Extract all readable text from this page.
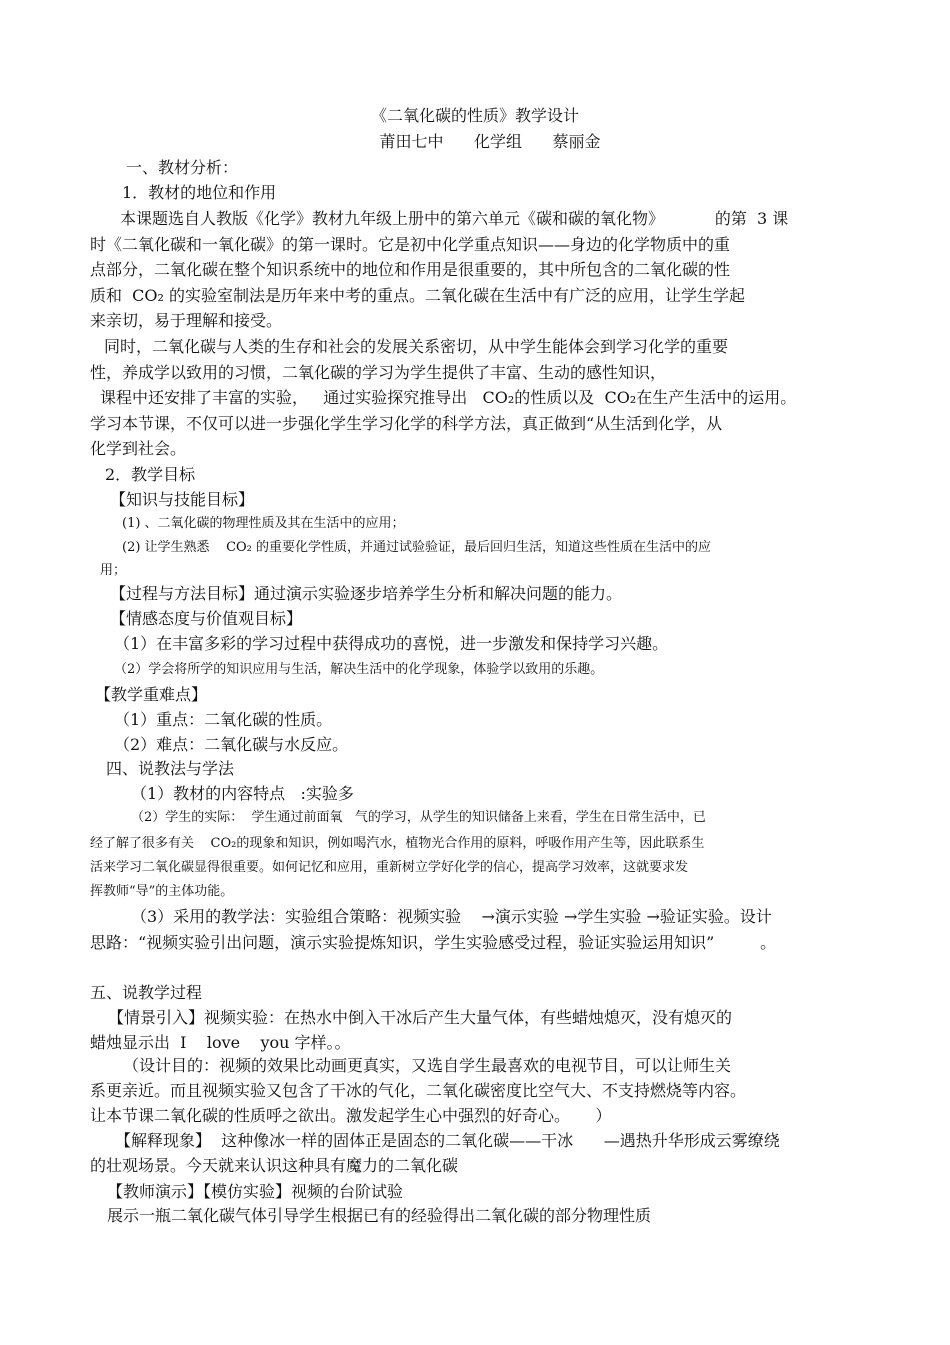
《二氧化碳的性质》教学设计
莆田七中      化学组      蔡丽金
一、教材分析：
1．教材的地位和作用
本课题选自人教版《化学》教材九年级上册中的第六单元《碳和碳的氧化物》          的第  3 课
时《二氧化碳和一氧化碳》的第一课时。它是初中化学重点知识——身边的化学物质中的重
点部分，二氧化碳在整个知识系统中的地位和作用是很重要的，其中所包含的二氧化碳的性
质和  CO₂ 的实验室制法是历年来中考的重点。二氧化碳在生活中有广泛的应用，让学生学起
来亲切，易于理解和接受。
同时，二氧化碳与人类的生存和社会的发展关系密切，从中学生能体会到学习化学的重要
性，养成学以致用的习惯，二氧化碳的学习为学生提供了丰富、生动的感性知识，
课程中还安排了丰富的实验，   通过实验探究推导出   CO₂的性质以及  CO₂在生产生活中的运用。
学习本节课，不仅可以进一步强化学生学习化学的科学方法，真正做到“从生活到化学，从
化学到社会。
2．教学目标
【知识与技能目标】
(1) 、二氧化碳的物理性质及其在生活中的应用；
(2) 让学生熟悉    CO₂ 的重要化学性质，并通过试验验证，最后回归生活，知道这些性质在生活中的应
用；
【过程与方法目标】通过演示实验逐步培养学生分析和解决问题的能力。
【情感态度与价值观目标】
（1）在丰富多彩的学习过程中获得成功的喜悦，进一步激发和保持学习兴趣。
（2）学会将所学的知识应用与生活，解决生活中的化学现象，体验学以致用的乐趣。
【教学重难点】
（1）重点：二氧化碳的性质。
（2）难点：二氧化碳与水反应。
四、说教法与学法
（1）教材的内容特点   :实验多
（2）学生的实际：  学生通过前面氧   气的学习，从学生的知识储备上来看，学生在日常生活中，已
经了解了很多有关    CO₂的现象和知识，例如喝汽水，植物光合作用的原料，呼吸作用产生等，因此联系生
活来学习二氧化碳显得很重要。如何记忆和应用，重新树立学好化学的信心，提高学习效率，这就要求发
挥教师“导”的主体功能。
（3）采用的教学法：实验组合策略：视频实验    →演示实验 →学生实验 →验证实验。设计
思路：“视频实验引出问题，演示实验提炼知识，学生实验感受过程，验证实验运用知识”         。
五、说教学过程
【情景引入】视频实验：在热水中倒入干冰后产生大量气体，有些蜡烛熄灭，没有熄灭的
蜡烛显示出  I    love    you 字样。。
（设计目的：视频的效果比动画更真实，又选自学生最喜欢的电视节目，可以让师生关
系更亲近。而且视频实验又包含了干冰的气化，二氧化碳密度比空气大、不支持燃烧等内容。
让本节课二氧化碳的性质呼之欲出。激发起学生心中强烈的好奇心。     ）
【解释现象】  这种像冰一样的固体正是固态的二氧化碳——干冰      —遇热升华形成云雾缭绕
的壮观场景。今天就来认识这种具有魔力的二氧化碳
【教师演示】【模仿实验】视频的台阶试验
展示一瓶二氧化碳气体引导学生根据已有的经验得出二氧化碳的部分物理性质
